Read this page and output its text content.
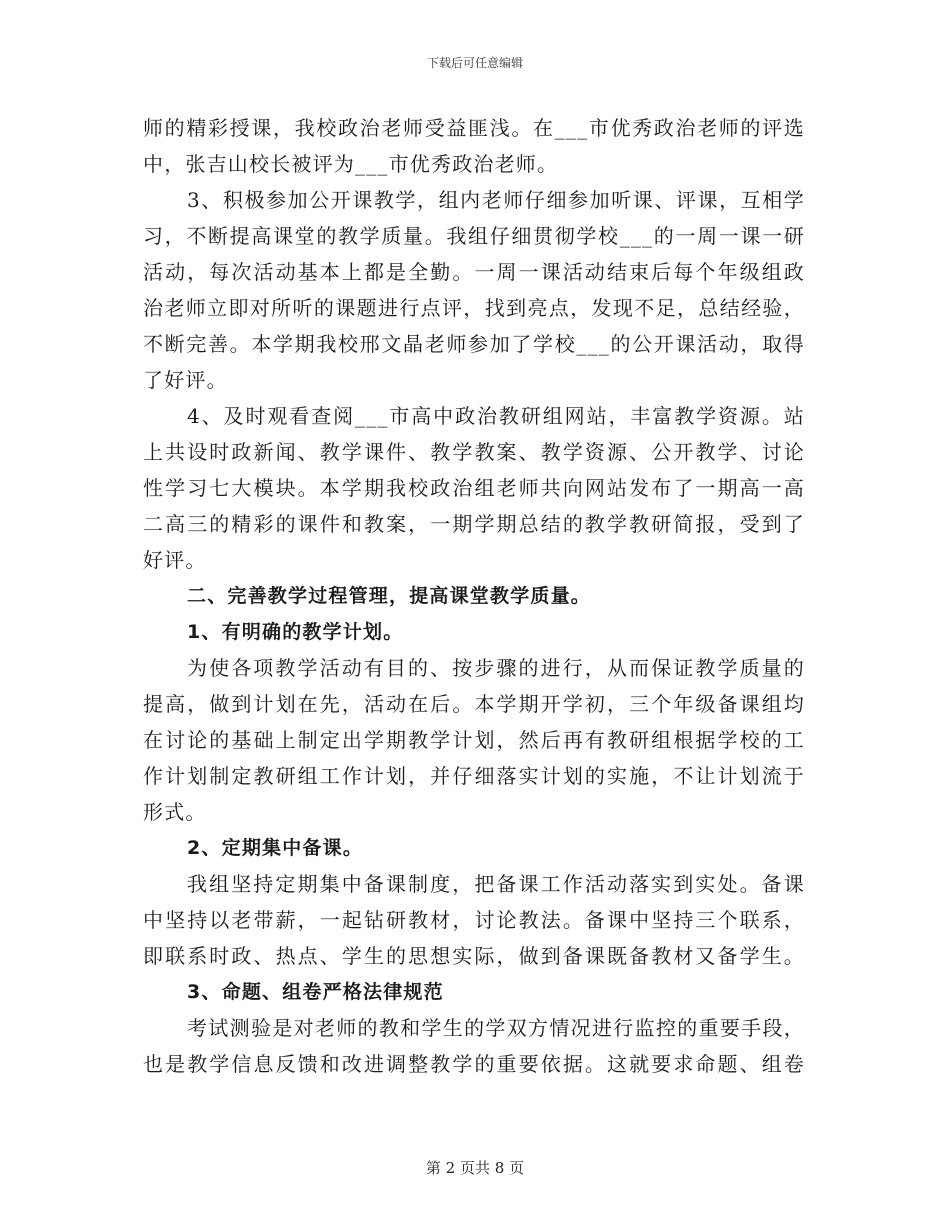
下载后可任意编辑
师的精彩授课，我校政治老师受益匪浅。在___市优秀政治老师的评选
中，张吉山校长被评为___市优秀政治老师。
3、积极参加公开课教学，组内老师仔细参加听课、评课，互相学
习，不断提高课堂的教学质量。我组仔细贯彻学校___的一周一课一研
活动，每次活动基本上都是全勤。一周一课活动结束后每个年级组政
治老师立即对所听的课题进行点评，找到亮点，发现不足，总结经验，
不断完善。本学期我校邢文晶老师参加了学校___的公开课活动，取得
了好评。
4、及时观看查阅___市高中政治教研组网站，丰富教学资源。站
上共设时政新闻、教学课件、教学教案、教学资源、公开教学、讨论
性学习七大模块。本学期我校政治组老师共向网站发布了一期高一高
二高三的精彩的课件和教案，一期学期总结的教学教研简报，受到了
好评。
二、完善教学过程管理，提高课堂教学质量。
1、有明确的教学计划。
为使各项教学活动有目的、按步骤的进行，从而保证教学质量的
提高，做到计划在先，活动在后。本学期开学初，三个年级备课组均
在讨论的基础上制定出学期教学计划，然后再有教研组根据学校的工
作计划制定教研组工作计划，并仔细落实计划的实施，不让计划流于
形式。
2、定期集中备课。
我组坚持定期集中备课制度，把备课工作活动落实到实处。备课
中坚持以老带薪，一起钻研教材，讨论教法。备课中坚持三个联系，
即联系时政、热点、学生的思想实际，做到备课既备教材又备学生。
3、命题、组卷严格法律规范
考试测验是对老师的教和学生的学双方情况进行监控的重要手段，
也是教学信息反馈和改进调整教学的重要依据。这就要求命题、组卷
第 2 页共 8 页
